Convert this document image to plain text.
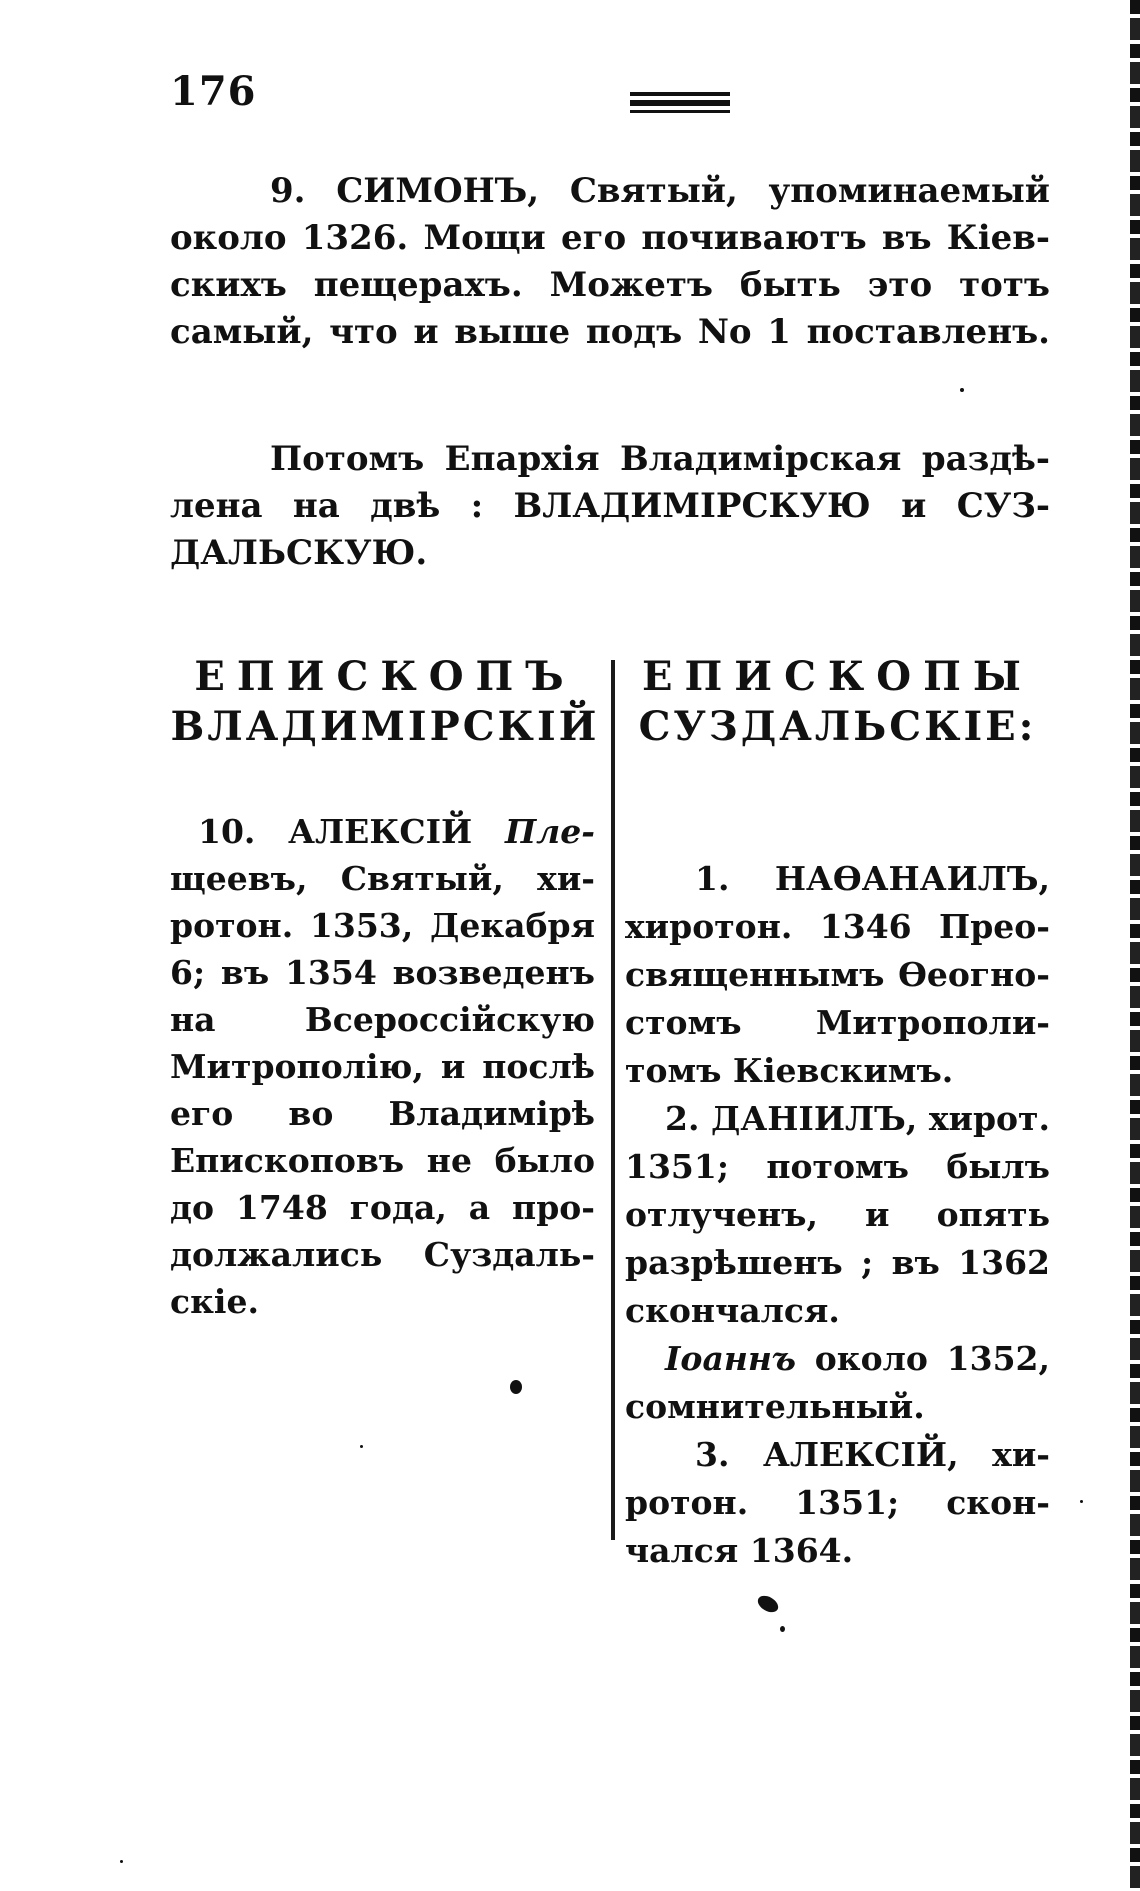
176
9. СИМОНЪ, Святый, упоминаемый
около 1326. Мощи его почиваютъ въ Кiев-
скихъ пещерахъ. Можетъ быть это тотъ
самый, что и выше подъ No 1 поставленъ.
Потомъ Епархiя Владимiрская раздѣ-
лена на двѣ : ВЛАДИМIРСКУЮ и СУЗ-
ДАЛЬСКУЮ.
ЕПИСКОПЪ
ВЛАДИМIРСКIЙ
ЕПИСКОПЫ
СУЗДАЛЬСКIЕ:
10. АЛЕКСIЙ Пле-
щеевъ, Святый, хи-
ротон. 1353, Декабря
6; въ 1354 возведенъ
на Всероссiйскую
Митрополiю, и послѣ
его во Владимiрѣ
Епископовъ не было
до 1748 года, а про-
должались Суздаль-
скiе.
1. НАѲАНАИЛЪ,
хиротон. 1346 Прео-
священнымъ Ѳеогно-
стомъ Митрополи-
томъ Кiевскимъ.
2. ДАНIИЛЪ, хирот.
1351; потомъ былъ
отлученъ, и опять
разрѣшенъ ; въ 1362
скончался.
Iоаннъ около 1352,
сомнительный.
3. АЛЕКСIЙ, хи-
ротон. 1351; скон-
чался 1364.
